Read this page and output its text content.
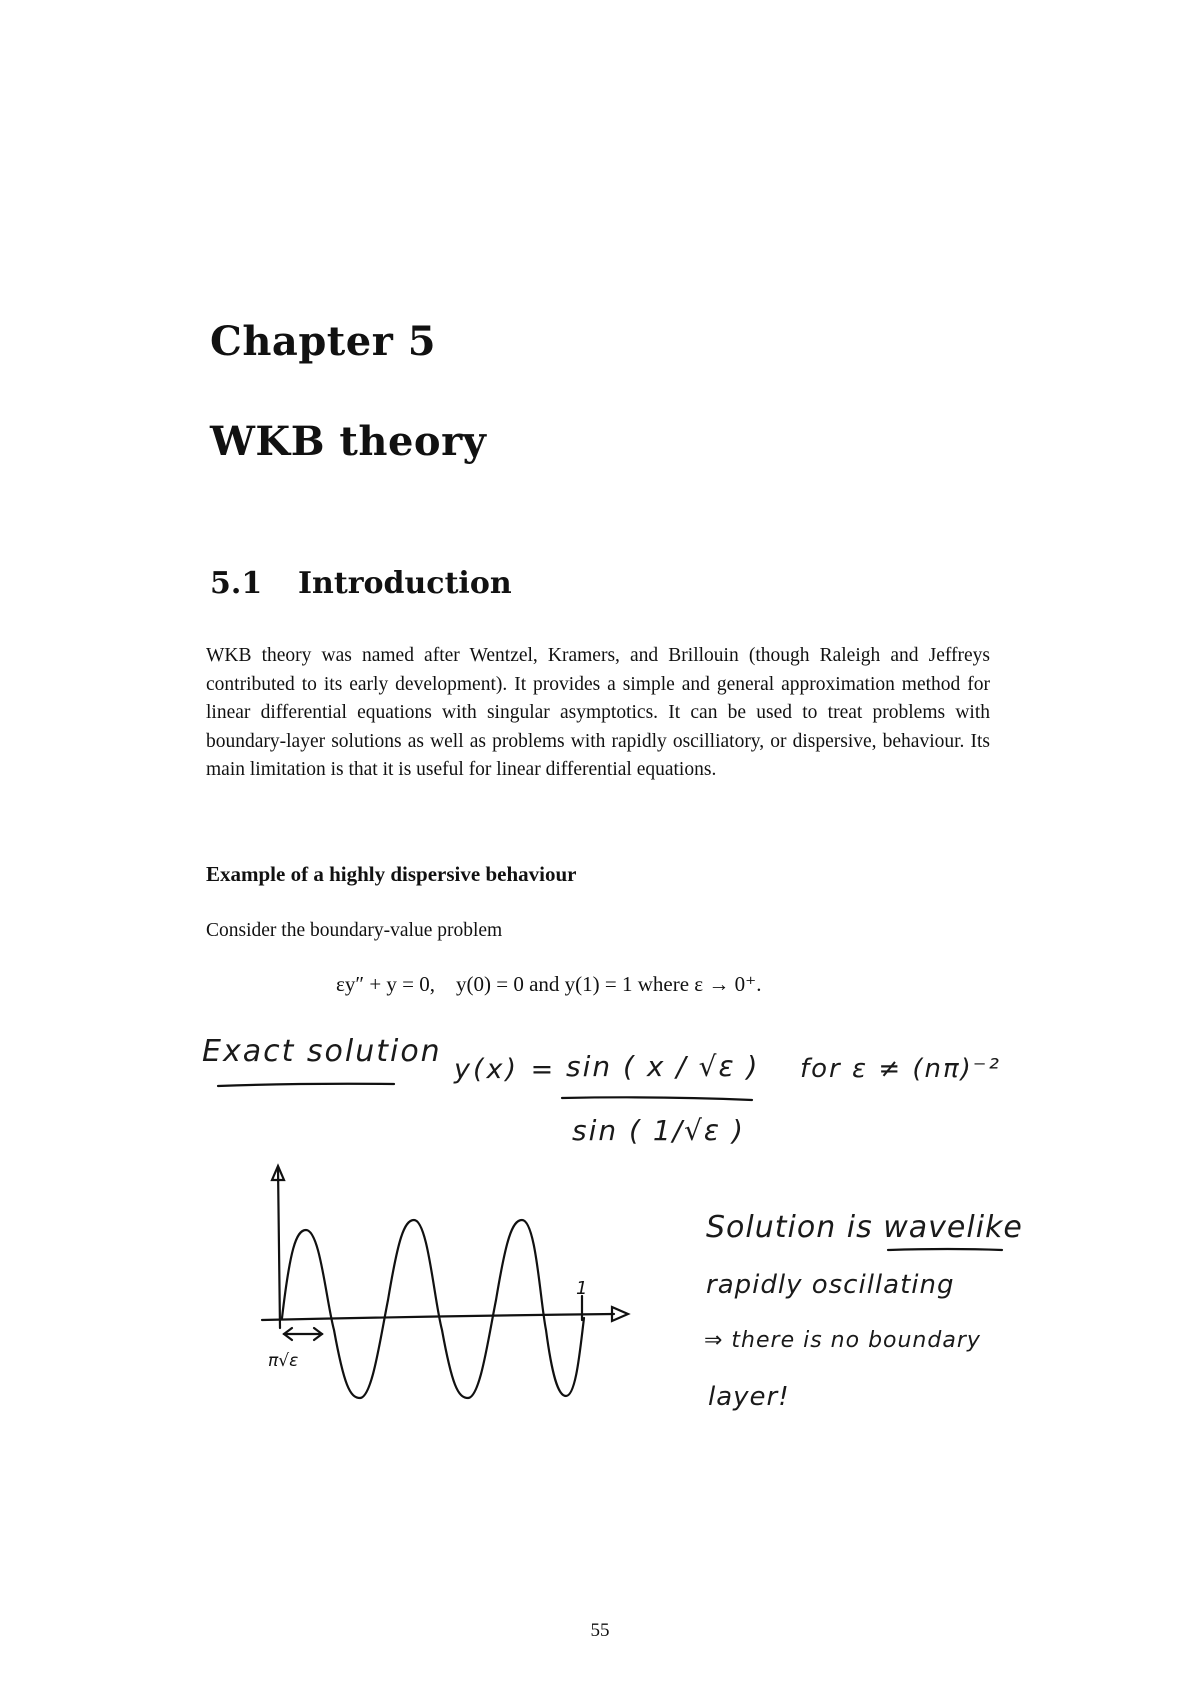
Chapter 5
WKB theory
5.1 Introduction
WKB theory was named after Wentzel, Kramers, and Brillouin (though Raleigh and Jeffreys contributed to its early development). It provides a simple and general approximation method for linear differential equations with singular asymptotics. It can be used to treat problems with boundary-layer solutions as well as problems with rapidly oscilliatory, or dispersive, behaviour. Its main limitation is that it is useful for linear differential equations.
Example of a highly dispersive behaviour
Consider the boundary-value problem
εy″ + y = 0, y(0) = 0 and y(1) = 1 where ε → 0⁺.
Exact solution
y(x) = sin ( x / √ε )
sin ( 1/√ε )
for ε ≠ (nπ)⁻²
Solution is wavelike
rapidly oscillating
⇒ there is no boundary
layer!
π√ε
1
55
